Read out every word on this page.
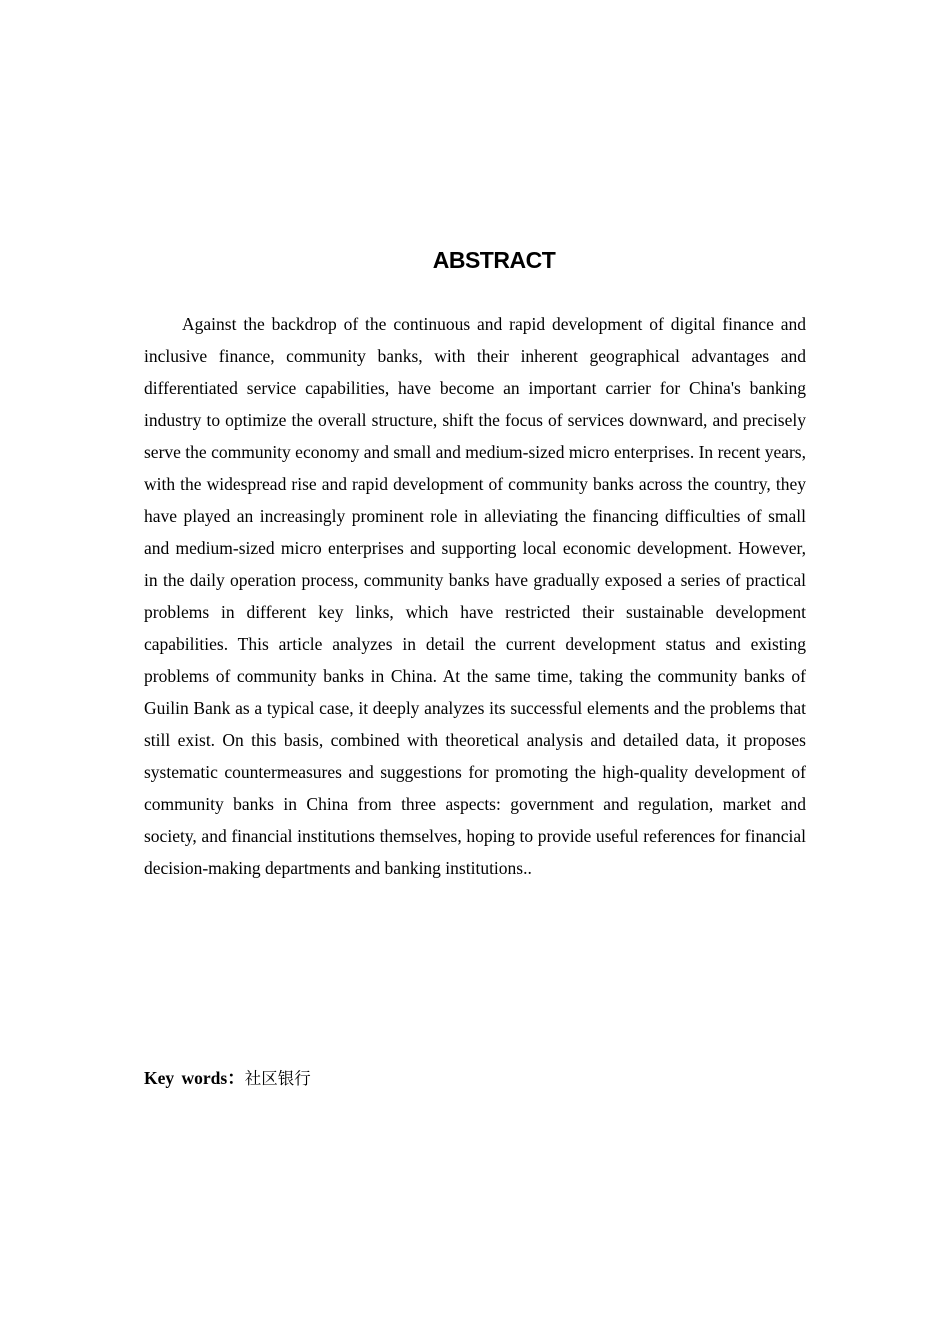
ABSTRACT

Against the backdrop of the continuous and rapid development of digital finance and inclusive finance, community banks, with their inherent geographical advantages and differentiated service capabilities, have become an important carrier for China's banking industry to optimize the overall structure, shift the focus of services downward, and precisely serve the community economy and small and medium-sized micro enterprises. In recent years, with the widespread rise and rapid development of community banks across the country, they have played an increasingly prominent role in alleviating the financing difficulties of small and medium-sized micro enterprises and supporting local economic development. However, in the daily operation process, community banks have gradually exposed a series of practical problems in different key links, which have restricted their sustainable development capabilities. This article analyzes in detail the current development status and existing problems of community banks in China. At the same time, taking the community banks of Guilin Bank as a typical case, it deeply analyzes its successful elements and the problems that still exist. On this basis, combined with theoretical analysis and detailed data, it proposes systematic countermeasures and suggestions for promoting the high-quality development of community banks in China from three aspects: government and regulation, market and society, and financial institutions themselves, hoping to provide useful references for financial decision-making departments and banking institutions..

Key words：社区银行
